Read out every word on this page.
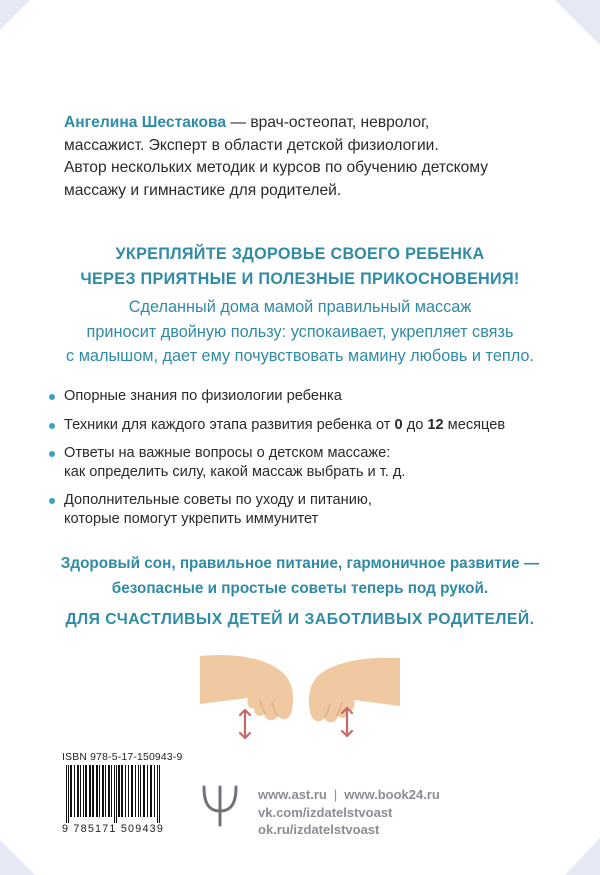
Ангелина Шестакова — врач-остеопат, невролог,
массажист. Эксперт в области детской физиологии.
Автор нескольких методик и курсов по обучению детскому
массажу и гимнастике для родителей.
УКРЕПЛЯЙТЕ ЗДОРОВЬЕ СВОЕГО РЕБЕНКА
ЧЕРЕЗ ПРИЯТНЫЕ И ПОЛЕЗНЫЕ ПРИКОСНОВЕНИЯ!
Сделанный дома мамой правильный массаж
приносит двойную пользу: успокаивает, укрепляет связь
с малышом, дает ему почувствовать мамину любовь и тепло.
Опорные знания по физиологии ребенка
Техники для каждого этапа развития ребенка от 0 до 12 месяцев
Ответы на важные вопросы о детском массаже:
как определить силу, какой массаж выбрать и т. д.
Дополнительные советы по уходу и питанию,
которые помогут укрепить иммунитет
Здоровый сон, правильное питание, гармоничное развитие —
безопасные и простые советы теперь под рукой.
ДЛЯ СЧАСТЛИВЫХ ДЕТЕЙ И ЗАБОТЛИВЫХ РОДИТЕЛЕЙ.
ISBN 978-5-17-150943-9
9 785171 509439
www.ast.ru | www.book24.ru
vk.com/izdatelstvoast
ok.ru/izdatelstvoast
